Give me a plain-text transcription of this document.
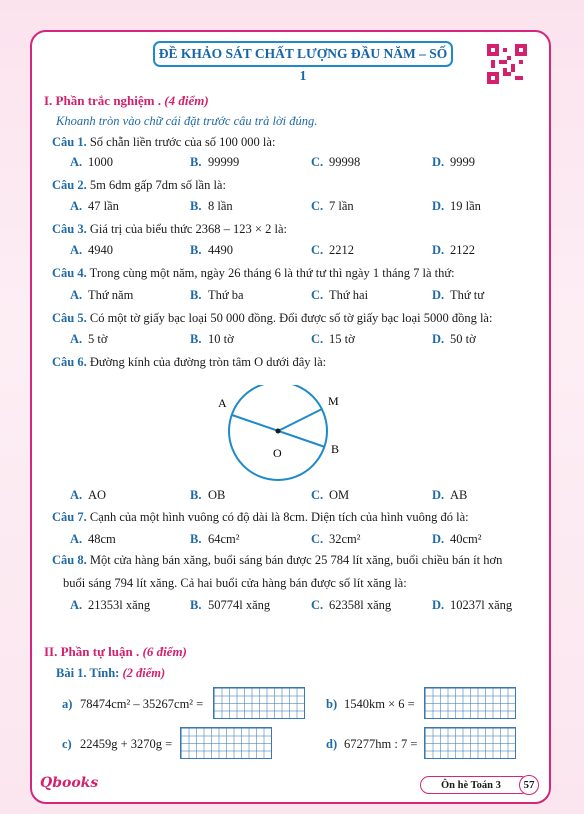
ĐỀ KHẢO SÁT CHẤT LƯỢNG ĐẦU NĂM – SỐ 1
I. Phần trắc nghiệm . (4 điểm)
Khoanh tròn vào chữ cái đặt trước câu trả lời đúng.
Câu 1. Số chẵn liền trước của số 100 000 là:
A. 1000	B. 99999	C. 99998	D. 9999
Câu 2. 5m 6dm gấp 7dm số lần là:
A. 47 lần	B. 8 lần	C. 7 lần	D. 19 lần
Câu 3. Giá trị của biểu thức 2368 – 123 × 2 là:
A. 4940	B. 4490	C. 2212	D. 2122
Câu 4. Trong cùng một năm, ngày 26 tháng 6 là thứ tư thì ngày 1 tháng 7 là thứ:
A. Thứ năm	B. Thứ ba	C. Thứ hai	D. Thứ tư
Câu 5. Có một tờ giấy bạc loại 50 000 đồng. Đổi được số tờ giấy bạc loại 5000 đồng là:
A. 5 tờ	B. 10 tờ	C. 15 tờ	D. 50 tờ
Câu 6. Đường kính của đường tròn tâm O dưới đây là:
A. AO	B. OB	C. OM	D. AB
Câu 7. Cạnh của một hình vuông có độ dài là 8cm. Diện tích của hình vuông đó là:
A. 48cm	B. 64cm²	C. 32cm²	D. 40cm²
Câu 8. Một cửa hàng bán xăng, buổi sáng bán được 25 784 lít xăng, buổi chiều bán ít hơn
buổi sáng 794 lít xăng. Cả hai buổi cửa hàng bán được số lít xăng là:
A. 21353l xăng	B. 50774l xăng	C. 62358l xăng	D. 10237l xăng
A	M
B
O
II. Phần tự luận . (6 điểm)
Bài 1. Tính: (2 điểm)
a) 78474cm² – 35267cm² =	b) 1540km × 6 =
c) 22459g + 3270g =	d) 67277hm : 7 =
Qbooks	Ôn hè Toán 3	57
